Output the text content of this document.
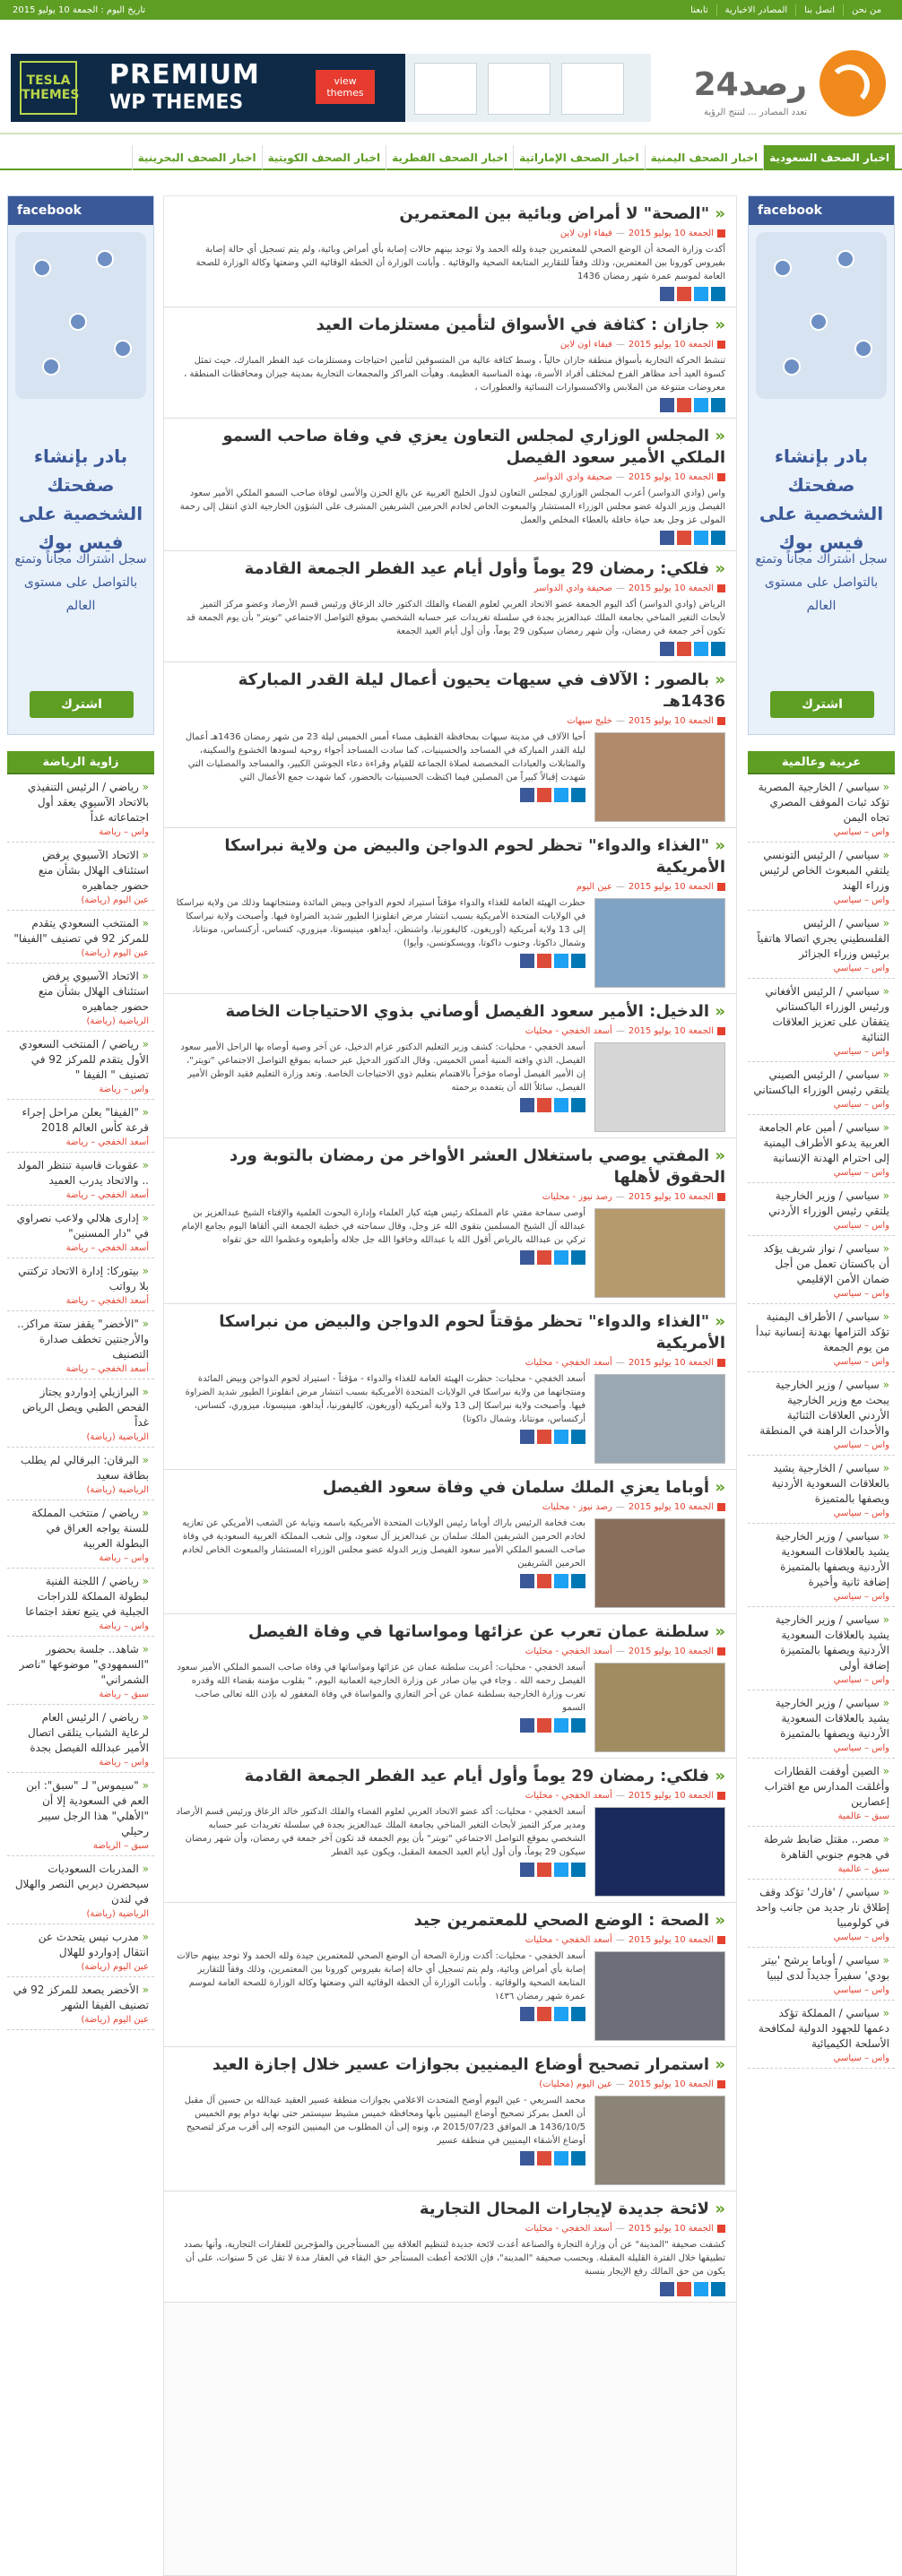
من نحن
اتصل بنا
المصادر الاخبارية
تابعنا
تاريخ اليوم : الجمعة 10 يوليو 2015
رصد24
تعدد المصادر ... لتنتج الرؤية
TESLA THEMES
PREMIUM
WP THEMES
view themes
اخبار الصحف السعودية
اخبار الصحف اليمنية
اخبار الصحف الإماراتية
اخبار الصحف القطرية
اخبار الصحف الكويتية
اخبار الصحف البحرينية
facebook
بادر بإنشاء صفحتك الشخصية على فيس بوك
سجل اشتراك مجاناً وتمتع بالتواصل على مستوى العالم
اشترك
facebook
بادر بإنشاء صفحتك الشخصية على فيس بوك
سجل اشتراك مجاناً وتمتع بالتواصل على مستوى العالم
اشترك
عربية وعالمية
« سياسي / الخارجية المصرية تؤكد ثبات الموقف المصري تجاه اليمن
واس – سياسي
« سياسي / الرئيس التونسي يلتقي المبعوث الخاص لرئيس وزراء الهند
واس – سياسي
« سياسي / الرئيس الفلسطيني يجري اتصالا هاتفياً برئيس وزراء الجزائر
واس – سياسي
« سياسي / الرئيس الأفغاني ورئيس الوزراء الباكستاني يتفقان على تعزيز العلاقات الثنائية
واس – سياسي
« سياسي / الرئيس الصيني يلتقي رئيس الوزراء الباكستاني
واس – سياسي
« سياسي / أمين عام الجامعة العربية يدعو الأطراف اليمنية إلى احترام الهدنة الإنسانية
واس – سياسي
« سياسي / وزير الخارجية يلتقي رئيس الوزراء الأردني
واس – سياسي
« سياسي / نواز شريف يؤكد أن باكستان تعمل من أجل ضمان الأمن الإقليمي
واس – سياسي
« سياسي / الأطراف اليمنية تؤكد التزامها بهدنة إنسانية تبدأ من يوم الجمعة
واس – سياسي
« سياسي / وزير الخارجية يبحث مع وزير الخارجية الأردني العلاقات الثنائية والأحداث الراهنة في المنطقة
واس – سياسي
« سياسي / الخارجية يشيد بالعلاقات السعودية الأردنية ويصفها بالمتميزة
واس – سياسي
« سياسي / وزير الخارجية يشيد بالعلاقات السعودية الأردنية ويصفها بالمتميزة إضافة ثانية وأخيرة
واس – سياسي
« سياسي / وزير الخارجية يشيد بالعلاقات السعودية الأردنية ويصفها بالمتميزة إضافة أولى
واس – سياسي
« سياسي / وزير الخارجية يشيد بالعلاقات السعودية الأردنية ويصفها بالمتميزة
واس – سياسي
« الصين أوقفت القطارات وأغلقت المدارس مع اقتراب إعصارين
سبق – عالمية
« مصر.. مقتل ضابط شرطة في هجوم جنوبي القاهرة
سبق – عالمية
« سياسي / 'فارك' تؤكد وقف إطلاق نار جديد من جانب واحد في كولومبيا
واس – سياسي
« سياسي / أوباما يرشح 'بيتر بودي' سفيراً جديداً لدى ليبيا
واس – سياسي
« سياسي / المملكة تؤكد دعمها للجهود الدولية لمكافحة الأسلحة الكيميائية
واس – سياسي
زاوية الرياضة
« رياضي / الرئيس التنفيذي بالاتحاد الآسيوي يعقد أول اجتماعاته غداً
واس – رياضة
« الاتحاد الآسيوي يرفض استئناف الهلال بشأن منع حضور جماهيره
عين اليوم (رياضة)
« المنتخب السعودي يتقدم للمركز 92 في تصنيف "الفيفا"
عين اليوم (رياضة)
« الاتحاد الآسيوي يرفض استئناف الهلال بشأن منع حضور جماهيره
الرياضية (رياضة)
« رياضي / المنتخب السعودي الأول يتقدم للمركز 92 في تصنيف " الفيفا "
واس – رياضة
« "الفيفا" يعلن مراحل إجراء قرعة كأس العالم 2018
أسعد الخفجي – رياضة
« عقوبات قاسية تنتظر المولد .. والاتحاد يدرب العميد
أسعد الخفجي – رياضة
« إدارى هلالي ولاعب نصراوي في "دار المسنين"
أسعد الخفجي – رياضة
« بيتوركا: إدارة الاتحاد تركتني بلا رواتب
أسعد الخفجي – رياضة
« "الأخضر" يقفز ستة مراكز.. والأرجنتين تخطف صدارة التصنيف
أسعد الخفجي – رياضة
« البرازيلي إدواردو يجتاز الفحص الطبي ويصل الرياض غداً
الرياضية (رياضة)
« البرقان: البرقالي لم يطلب بطاقة سعيد
الرياضية (رياضة)
« رياضي / منتخب المملكة للسنة يواجه العراق في البطولة العربية
واس – رياضة
« رياضي / اللجنة الفنية لبطولة المملكة للدراجات الجبلية في يتبع تعقد اجتماعا
واس – رياضة
« شاهد.. جلسة بحضور "السمهودي" موضوعها "ناصر الشمراني"
سبق – رياضة
« رياضي / الرئيس العام لرعاية الشباب يتلقى اتصال الأمير عبدالله الفيصل بجدة
واس – رياضة
« "سيموس" لـ "سبق": ابن العم في السعودية إلا أن "الأهلي" هذا الرجل سيبر رحيلي
سبق – الرياضة
« المدربات السعوديات سيحضرن ديربي النصر والهلال في لندن
الرياضية (رياضة)
« مدرب نيس يتحدث عن انتقال إدواردو للهلال
عين اليوم (رياضة)
« الأخضر يصعد للمركز 92 في تصنيف الفيفا الشهر
عين اليوم (رياضة)
« "الصحة" لا أمراض وبائية بين المعتمرين
الجمعة 10 يوليو 2015—فيفاء اون لاين
أكدت وزارة الصحة أن الوضع الصحي للمعتمرين جيدة ولله الحمد ولا توجد بينهم حالات إصابة بأي أمراض وبائية، ولم يتم تسجيل أي حالة إصابة بفيروس كورونا بين المعتمرين، وذلك وفقاً للتقارير المتابعة الصحية والوقائية . وأبانت الوزارة أن الخطة الوقائية التي وضعتها وكالة الوزارة للصحة العامة لموسم عمرة شهر رمضان 1436
« جازان : كثافة في الأسواق لتأمين مستلزمات العيد
الجمعة 10 يوليو 2015—فيفاء اون لاين
تنشط الحركة التجارية بأسواق منطقة جازان حالياً ، وسط كثافة عالية من المتسوقين لتأمين احتياجات ومستلزمات عيد الفطر المبارك، حيث تمثل كسوة العيد أحد مظاهر الفرح لمختلف أفراد الأسرة، بهذه المناسبة العظيمة. وهيأت المراكز والمجمعات التجارية بمدينة جيزان ومحافظات المنطقة ، معروضات متنوعة من الملابس والاكسسوارات النسائية والعطورات ،
« المجلس الوزاري لمجلس التعاون يعزي في وفاة صاحب السمو الملكي الأمير سعود الفيصل
الجمعة 10 يوليو 2015—صحيفة وادي الدواسر
واس (وادي الدواسر) أعرب المجلس الوزاري لمجلس التعاون لدول الخليج العربية عن بالغ الحزن والأسى لوفاة صاحب السمو الملكي الأمير سعود الفيصل وزير الدولة عضو مجلس الوزراء المستشار والمبعوث الخاص لخادم الحرمين الشريفين المشرف على الشؤون الخارجية الذي انتقل إلى رحمة المولى عز وجل بعد حياة حافلة بالعطاء المخلص والعمل
« فلكي: رمضان 29 يوماً وأول أيام عيد الفطر الجمعة القادمة
الجمعة 10 يوليو 2015—صحيفة وادي الدواسر
الرياض (وادي الدواسر) أكد اليوم الجمعة عضو الاتحاد العربي لعلوم الفضاء والفلك الدكتور خالد الزعاق ورئيس قسم الأرصاد وعضو مركز التميز لأبحاث التغير المناخي بجامعة الملك عبدالعزيز بجدة في سلسلة تغريدات عبر حسابه الشخصي بموقع التواصل الاجتماعي "تويتر" بأن يوم الجمعة قد تكون آخر جمعة في رمضان، وأن شهر رمضان سيكون 29 يوماً، وأن أول أيام العيد الجمعة
« بالصور : الآلاف في سيهات يحيون أعمال ليلة القدر المباركة 1436هـ
الجمعة 10 يوليو 2015—خليج سيهات
أحيا الآلاف في مدينة سيهات بمحافظة القطيف مساء أمس الخميس ليلة 23 من شهر رمضان 1436هـ أعمال ليلة القدر المباركة في المساجد والحسينيات، كما سادت المساجد أجواء روحية لسودها الخشوع والسكينة، والمتابلات والعبادات المخصصة لصلاة الجماعة للقيام وقراءة دعاء الجوشن الكبير، والمساجد والمصليات التي شهدت إقبالاً كبيراً من المصلين فيما اكتظت الحسينيات بالحضور، كما شهدت جمع الأعمال التي
« "الغذاء والدواء" تحظر لحوم الدواجن والبيض من ولاية نبراسكا الأمريكية
الجمعة 10 يوليو 2015—عين اليوم
حظرت الهيئة العامة للغذاء والدواء مؤقتاً استيراد لحوم الدواجن وبيض المائدة ومنتجاتهما وذلك من ولاية نبراسكا في الولايات المتحدة الأمريكية بسبب انتشار مرض انفلونزا الطيور شديد الضراوة فيها. وأصبحت ولاية نبراسكا إلى 13 ولاية أمريكية (أوريغون، كاليفورنيا، واشنطن، أيداهو، مينيسوتا، ميزوري، كنساس، أركنساس، مونتانا، وشمال داكوتا، وجنوب داكوتا، وويسكونسن، وأيوا)
« الدخيل: الأمير سعود الفيصل أوصاني بذوي الاحتياجات الخاصة
الجمعة 10 يوليو 2015—أسعد الخفجي - محليات
أسعد الخفجي - محليات: كشف وزير التعليم الدكتور عزام الدخيل، عن آخر وصية أوصاه بها الراحل الأمير سعود الفيصل، الذي وافته المنية أمس الخميس. وقال الدكتور الدخيل عبر حسابه بموقع التواصل الاجتماعي "تويتر"، إن الأمير الفيصل أوصاه مؤخراً بالاهتمام بتعليم ذوي الاحتياجات الخاصة. وتعد وزارة التعليم فقيد الوطن الأمير الفيصل، سائلاً الله أن يتغمده برحمته
« المفتي يوصي باستغلال العشر الأواخر من رمضان بالتوبة ورد الحقوق لأهلها
الجمعة 10 يوليو 2015—رصد نيوز - محليات
أوصى سماحة مفتي عام المملكة رئيس هيئة كبار العلماء وإدارة البحوث العلمية والإفتاء الشيخ عبدالعزيز بن عبدالله آل الشيخ المسلمين بتقوى الله عز وجل، وقال سماحته في خطبة الجمعة التي ألقاها اليوم بجامع الإمام تركي بن عبدالله بالرياض أقول الله يا عبدالله وخافوا الله جل جلاله وأطيعوه وعظموا الله حق تقواه
« "الغذاء والدواء" تحظر مؤقتاً لحوم الدواجن والبيض من نبراسكا الأمريكية
الجمعة 10 يوليو 2015—أسعد الخفجي - محليات
أسعد الخفجي - محليات: حظرت الهيئة العامة للغذاء والدواء - مؤقتاً - استيراد لحوم الدواجن وبيض المائدة ومنتجاتهما من ولاية نبراسكا في الولايات المتحدة الأمريكية بسبب انتشار مرض انفلونزا الطيور شديد الضراوة فيها. وأصبحت ولاية نبراسكا إلى 13 ولاية أمريكية (أوريغون، كاليفورنيا، أيداهو، مينيسوتا، ميزوري، كنساس، أركنساس، مونتانا، وشمال داكوتا)
« أوباما يعزي الملك سلمان في وفاة سعود الفيصل
الجمعة 10 يوليو 2015—رصد نيوز - محليات
بعث فخامة الرئيس باراك أوباما رئيس الولايات المتحدة الأمريكية باسمه ونيابة عن الشعب الأمريكي عن تعازيه لخادم الحرمين الشريفين الملك سلمان بن عبدالعزيز آل سعود، وإلى شعب المملكة العربية السعودية في وفاة صاحب السمو الملكي الأمير سعود الفيصل وزير الدولة عضو مجلس الوزراء المستشار والمبعوث الخاص لخادم الحرمين الشريفين
« سلطنة عمان تعرب عن عزائها ومواساتها في وفاة الفيصل
الجمعة 10 يوليو 2015—أسعد الخفجي - محليات
أسعد الخفجي - محليات: أعربت سلطنة عمان عن عزائها ومواساتها في وفاة صاحب السمو الملكي الأمير سعود الفيصل رحمه الله . وجاء في بيان صادر عن وزارة الخارجية العمانية اليوم، " بقلوب مؤمنة بقضاء الله وقدره تعرب وزارة الخارجية بسلطنة عمان عن أحر التعازي والمواساة في وفاة المغفور له بإذن الله تعالى صاحب السمو
« فلكي: رمضان 29 يوماً وأول أيام عيد الفطر الجمعة القادمة
الجمعة 10 يوليو 2015—أسعد الخفجي - محليات
أسعد الخفجي - محليات: أكد عضو الاتحاد العربي لعلوم الفضاء والفلك الدكتور خالد الزعاق ورئيس قسم الأرصاد ومدير مركز التميز لأبحاث التغير المناخي بجامعة الملك عبدالعزيز بجدة في سلسلة تغريدات عبر حسابه الشخصي بموقع التواصل الاجتماعي "تويتر" بأن يوم الجمعة قد تكون آخر جمعة في رمضان، وأن شهر رمضان سيكون 29 يوماً، وأن أول أيام العيد الجمعة المقبل، ويكون عيد الفطر
« الصحة : الوضع الصحي للمعتمرين جيد
الجمعة 10 يوليو 2015—أسعد الخفجي - محليات
أسعد الخفجي - محليات: أكدت وزارة الصحة أن الوضع الصحي للمعتمرين جيدة ولله الحمد ولا توجد بينهم حالات إصابة بأي أمراض وبائية، ولم يتم تسجيل أي حالة إصابة بفيروس كورونا بين المعتمرين، وذلك وفقاً للتقارير المتابعة الصحية والوقائية . وأبانت الوزارة أن الخطة الوقائية التي وضعتها وكالة الوزارة للصحة العامة لموسم عمرة شهر رمضان ١٤٣٦
« استمرار تصحيح أوضاع اليمنيين بجوازات عسير خلال إجازة العيد
الجمعة 10 يوليو 2015—عين اليوم (محليات)
محمد السريعي - عين اليوم أوضح المتحدث الاعلامي بجوازات منطقة عسير العقيد عبدالله بن حسين آل مقبل أن العمل بمركز تصحيح أوضاع اليمنيين بأبها ومحافظة خميس مشيط سيستمر حتى نهاية دوام يوم الخميس 1436/10/5 هـ الموافق 2015/07/23 م، ونوه إلى أن المطلوب من اليمنيين التوجه إلى أقرب مركز لتصحيح أوضاع الأشقاء اليمنيين في منطقة عسير
« لائحة جديدة لإيجارات المحال التجارية
الجمعة 10 يوليو 2015—أسعد الخفجي - محليات
كشفت صحيفة "المدينة" عن أن وزارة التجارة والصناعة أعدت لائحة جديدة لتنظيم العلاقة بين المستأجرين والمؤجرين للعقارات التجارية، وأنها بصدد تطبيقها خلال الفترة القليلة المقبلة. وبحسب صحيفة "المدينة"، فإن اللائحة أعطت المستأجر حق البقاء في العقار مدة لا تقل عن 5 سنوات، على أن يكون من حق المالك رفع الإيجار بنسبة
